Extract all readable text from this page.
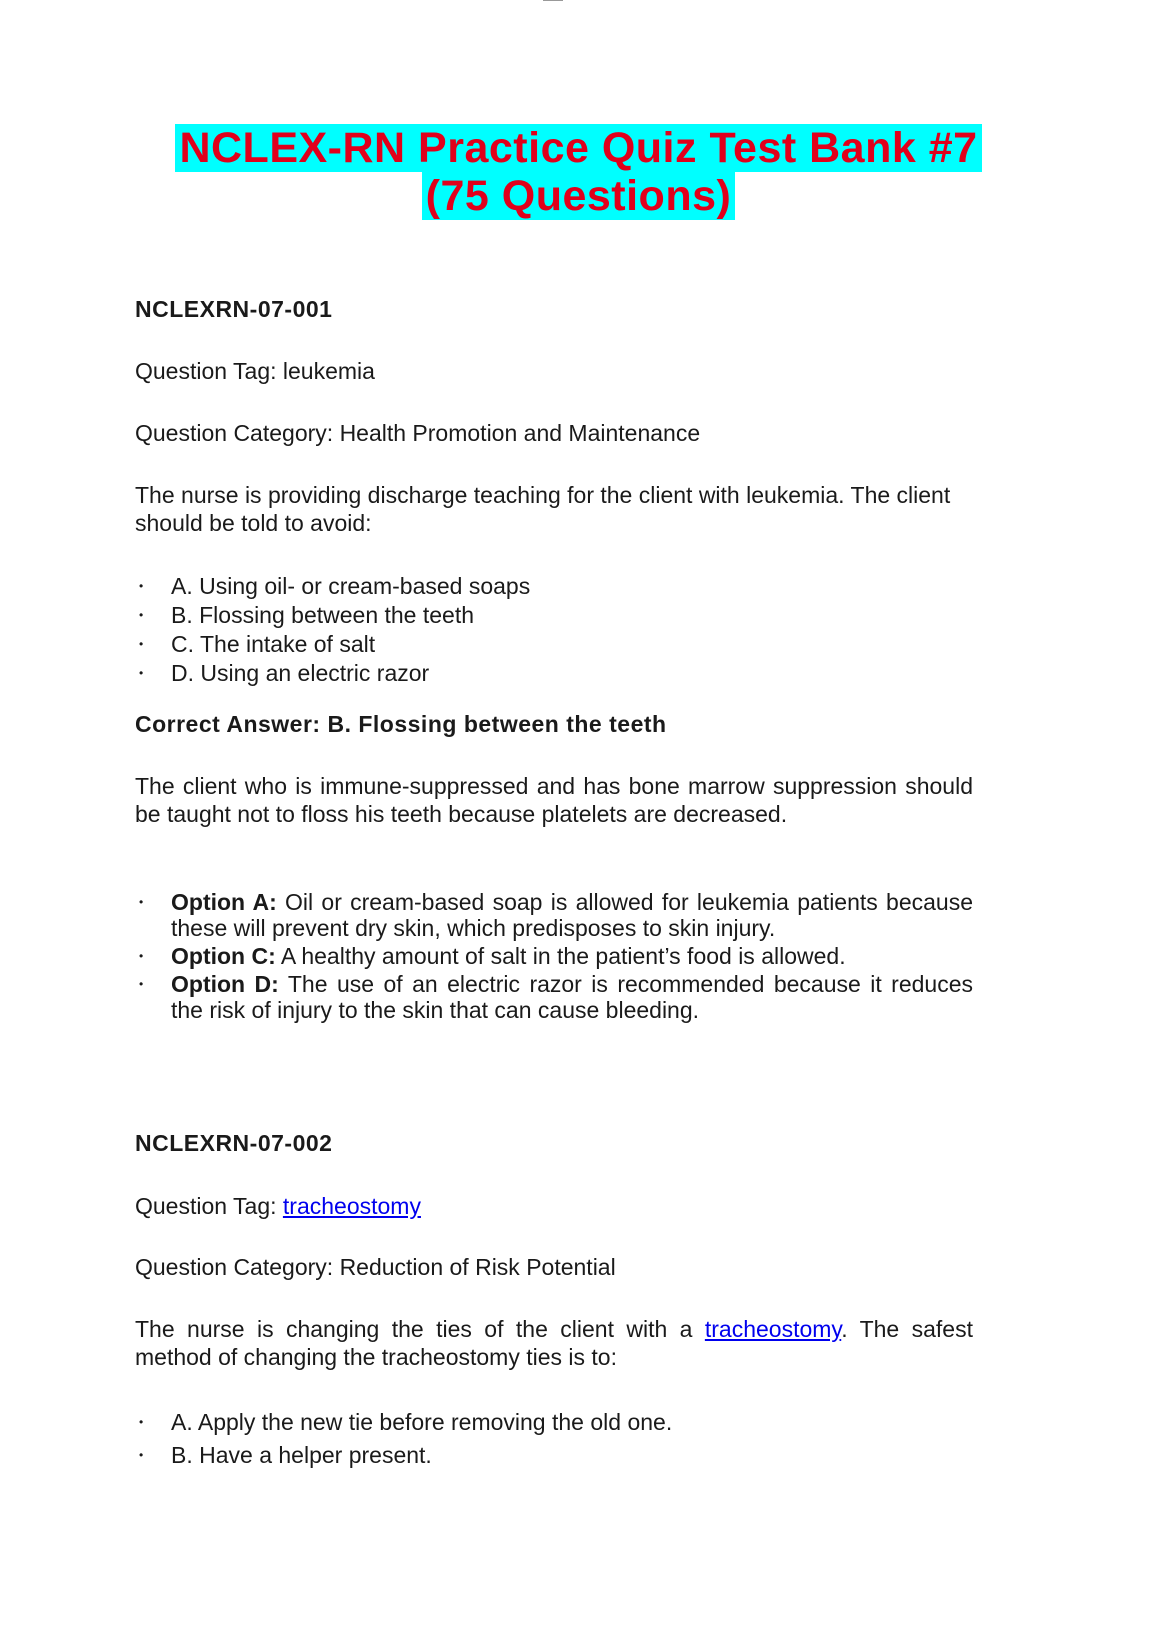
NCLEX-RN Practice Quiz Test Bank #7
(75 Questions)
NCLEXRN-07-001
Question Tag: leukemia
Question Category: Health Promotion and Maintenance
The nurse is providing discharge teaching for the client with leukemia. The client should be told to avoid:
• A. Using oil- or cream-based soaps
• B. Flossing between the teeth
• C. The intake of salt
• D. Using an electric razor
Correct Answer: B. Flossing between the teeth
The client who is immune-suppressed and has bone marrow suppression should be taught not to floss his teeth because platelets are decreased.
• Option A: Oil or cream-based soap is allowed for leukemia patients because these will prevent dry skin, which predisposes to skin injury.
• Option C: A healthy amount of salt in the patient’s food is allowed.
• Option D: The use of an electric razor is recommended because it reduces the risk of injury to the skin that can cause bleeding.
NCLEXRN-07-002
Question Tag: tracheostomy
Question Category: Reduction of Risk Potential
The nurse is changing the ties of the client with a tracheostomy. The safest method of changing the tracheostomy ties is to:
• A. Apply the new tie before removing the old one.
• B. Have a helper present.
